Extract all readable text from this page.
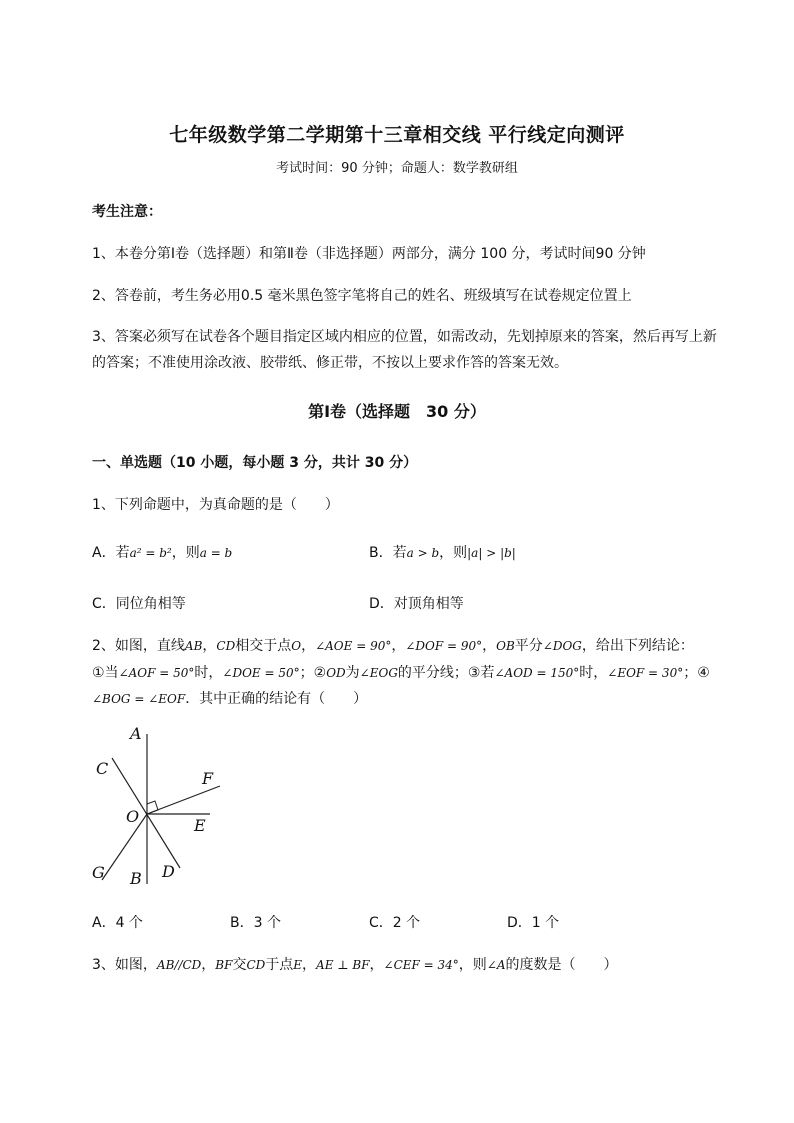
七年级数学第二学期第十三章相交线 平行线定向测评
考试时间：90 分钟；命题人：数学教研组
考生注意：
1、本卷分第Ⅰ卷（选择题）和第Ⅱ卷（非选择题）两部分，满分 100 分，考试时间90 分钟
2、答卷前，考生务必用0.5 毫米黑色签字笔将自己的姓名、班级填写在试卷规定位置上
3、答案必须写在试卷各个题目指定区域内相应的位置，如需改动，先划掉原来的答案，然后再写上新
的答案；不准使用涂改液、胶带纸、修正带，不按以上要求作答的答案无效。
第Ⅰ卷（选择题　30 分）
一、单选题（10 小题，每小题 3 分，共计 30 分）
1、下列命题中，为真命题的是（　　）
A．若a² = b²，则a = b	B．若a > b，则|a| > |b|
C．同位角相等	D．对顶角相等
2、如图，直线AB，CD相交于点O，∠AOE = 90°，∠DOF = 90°，OB平分∠DOG，给出下列结论：
①当∠AOF = 50°时，∠DOE = 50°；②OD为∠EOG的平分线；③若∠AOD = 150°时，∠EOF = 30°；④
∠BOG = ∠EOF．其中正确的结论有（　　）
A
C
F
O	E
G B D
A．4 个	B．3 个	C．2 个	D．1 个
3、如图，AB//CD，BF交CD于点E，AE ⊥ BF，∠CEF = 34°，则∠A的度数是（　　）
